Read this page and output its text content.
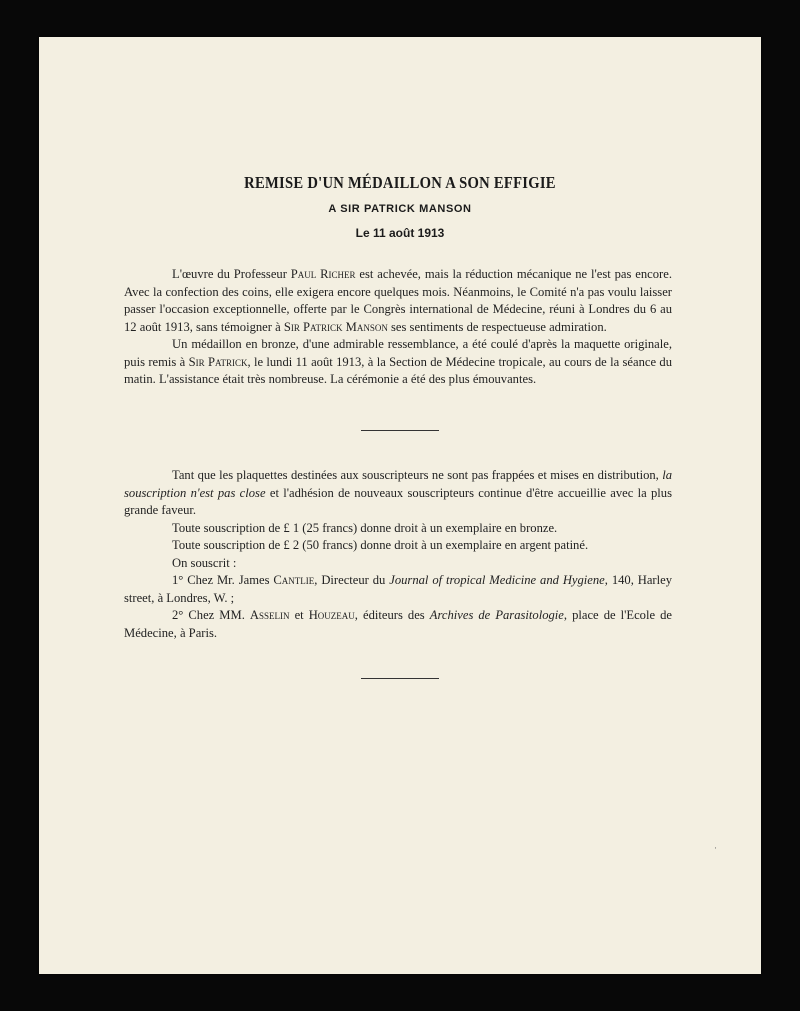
REMISE D'UN MÉDAILLON A SON EFFIGIE
A SIR PATRICK MANSON
Le 11 août 1913

L'œuvre du Professeur Paul Richer est achevée, mais la réduction mécanique ne l'est pas encore. Avec la confection des coins, elle exigera encore quelques mois. Néanmoins, le Comité n'a pas voulu laisser passer l'occasion exceptionnelle, offerte par le Congrès international de Médecine, réuni à Londres du 6 au 12 août 1913, sans témoigner à Sir Patrick Manson ses sentiments de respectueuse admiration.

Un médaillon en bronze, d'une admirable ressemblance, a été coulé d'après la maquette originale, puis remis à Sir Patrick, le lundi 11 août 1913, à la Section de Médecine tropicale, au cours de la séance du matin. L'assistance était très nombreuse. La cérémonie a été des plus émouvantes.

Tant que les plaquettes destinées aux souscripteurs ne sont pas frappées et mises en distribution, la souscription n'est pas close et l'adhésion de nouveaux souscripteurs continue d'être accueillie avec la plus grande faveur.

Toute souscription de £ 1 (25 francs) donne droit à un exemplaire en bronze.

Toute souscription de £ 2 (50 francs) donne droit à un exemplaire en argent patiné.

On souscrit :

1° Chez Mr. James Cantlie, Directeur du Journal of tropical Medicine and Hygiene, 140, Harley street, à Londres, W. ;

2° Chez MM. Asselin et Houzeau, éditeurs des Archives de Parasitologie, place de l'Ecole de Médecine, à Paris.

·
